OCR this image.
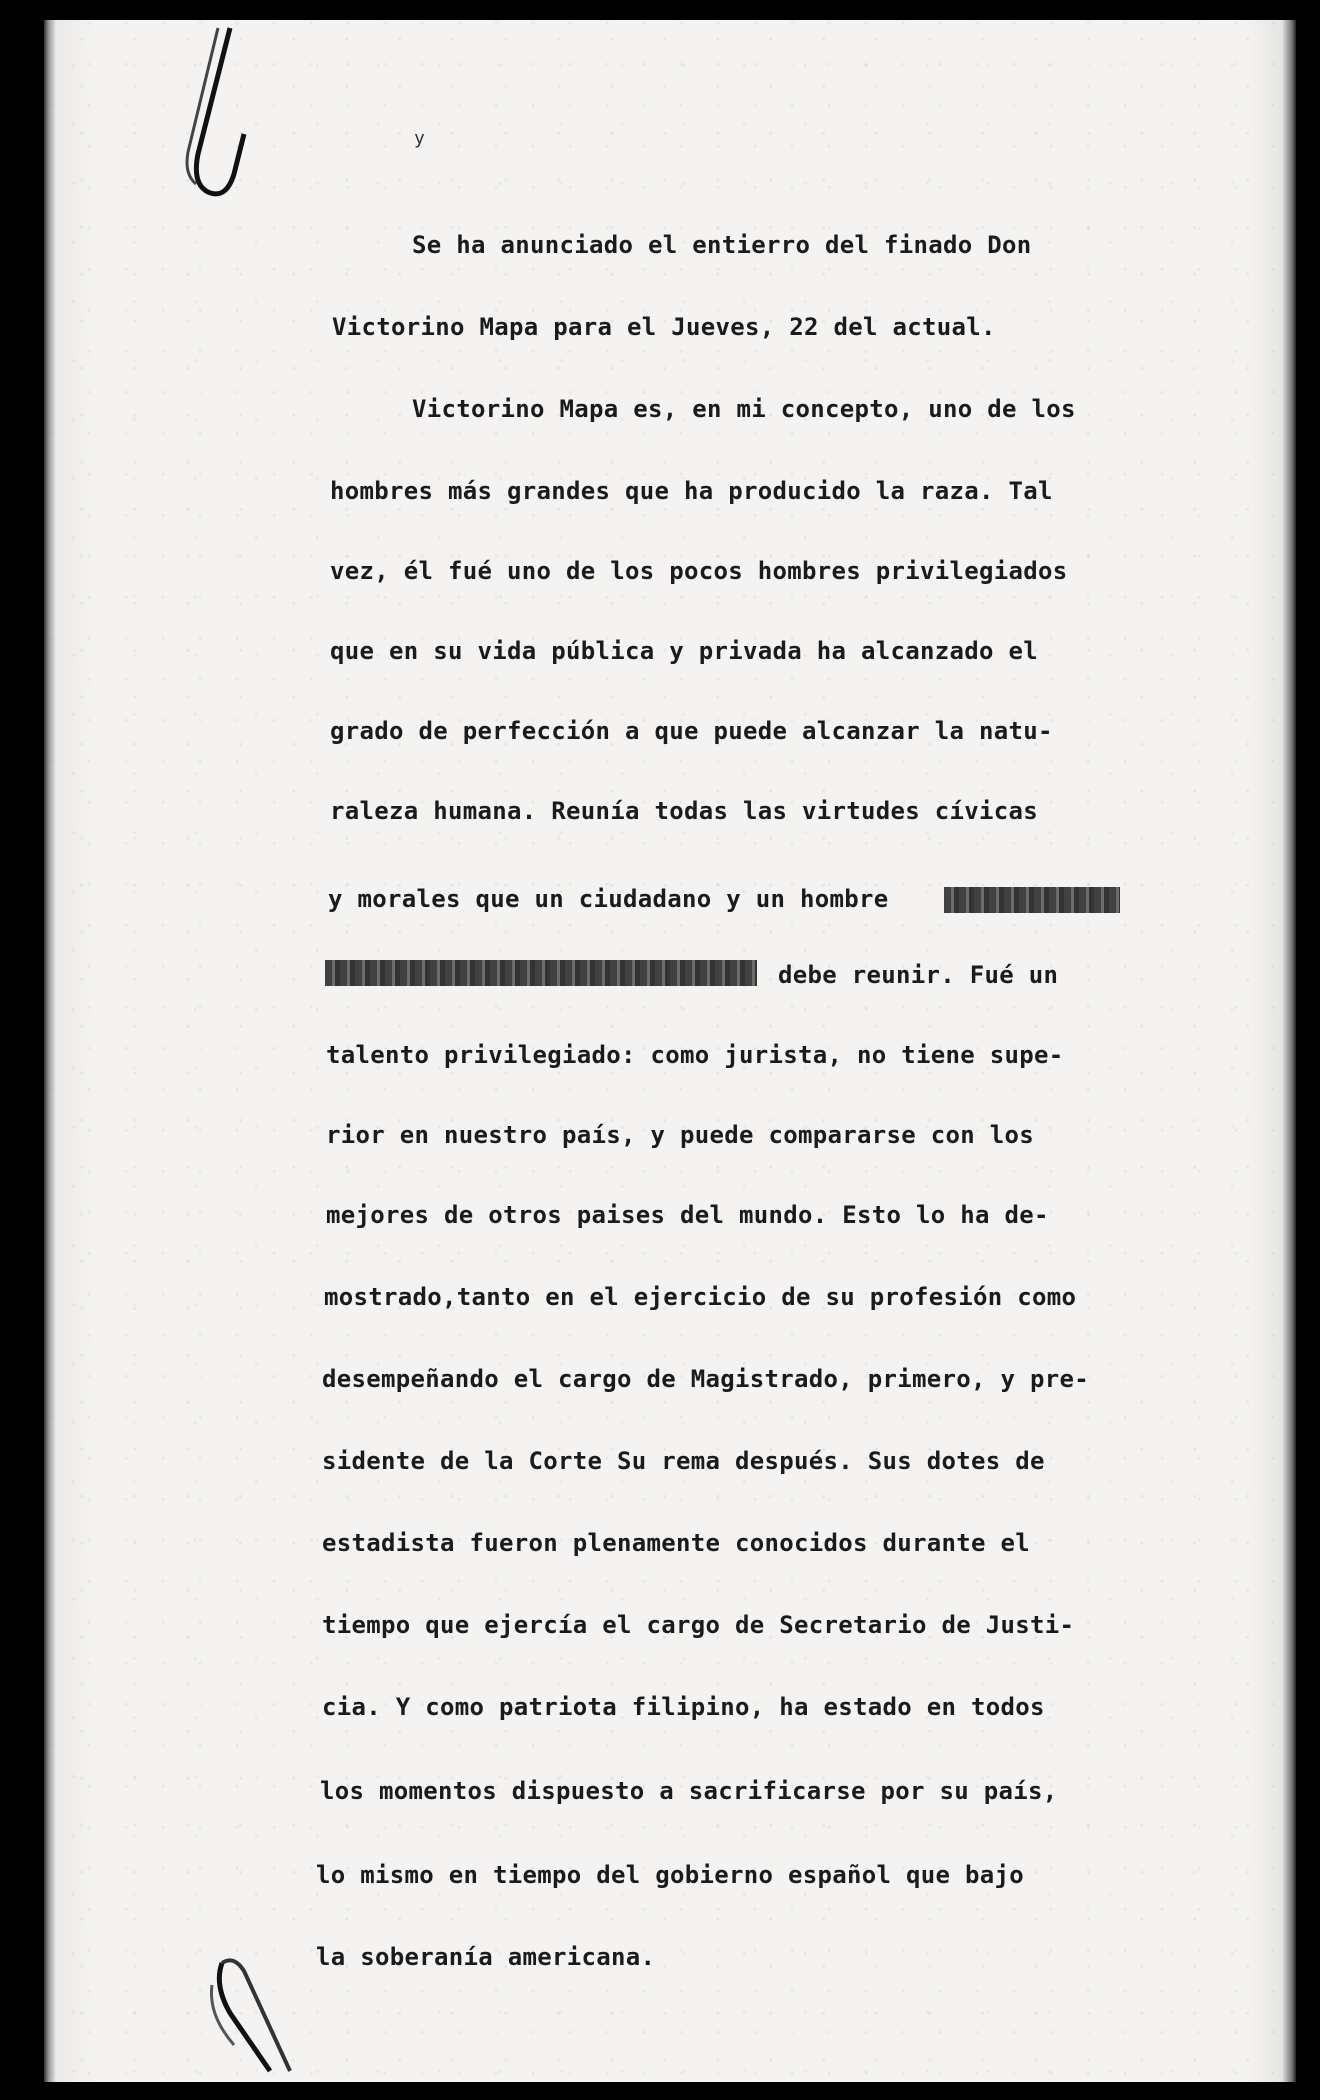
y
Se ha anunciado el entierro del finado Don
Victorino Mapa para el Jueves, 22 del actual.
Victorino Mapa es, en mi concepto, uno de los
hombres más grandes que ha producido la raza. Tal
vez, él fué uno de los pocos hombres privilegiados
que en su vida pública y privada ha alcanzado el
grado de perfección a que puede alcanzar la natu-
raleza humana. Reunía todas las virtudes cívicas
y morales que un ciudadano y un hombre
debe reunir. Fué un
talento privilegiado: como jurista, no tiene supe-
rior en nuestro país, y puede compararse con los
mejores de otros paises del mundo. Esto lo ha de-
mostrado,tanto en el ejercicio de su profesión como
desempeñando el cargo de Magistrado, primero, y pre-
sidente de la Corte Su rema después. Sus dotes de
estadista fueron plenamente conocidos durante el
tiempo que ejercía el cargo de Secretario de Justi-
cia. Y como patriota filipino, ha estado en todos
los momentos dispuesto a sacrificarse por su país,
lo mismo en tiempo del gobierno español que bajo
la soberanía americana.
